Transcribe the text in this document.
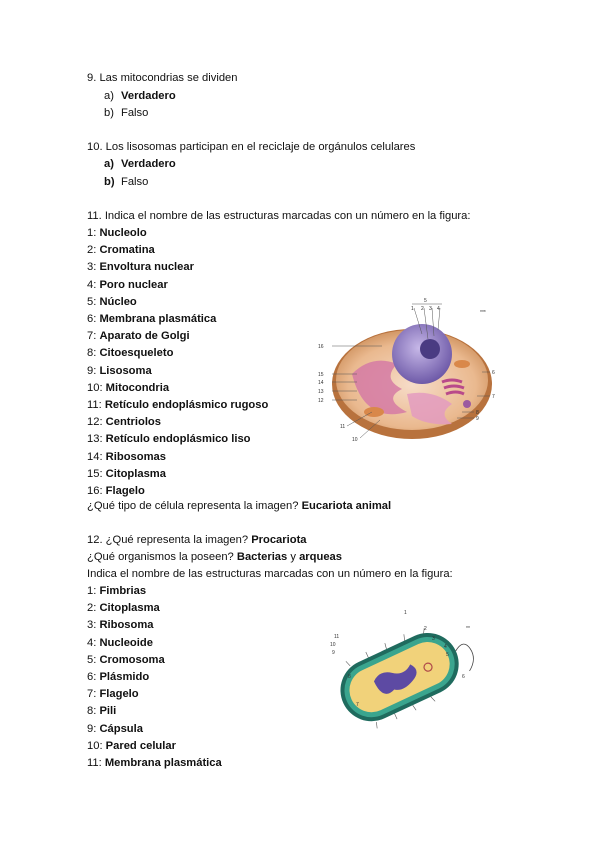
9. Las mitocondrias se dividen
a) Verdadero
b) Falso
10. Los lisosomas participan en el reciclaje de orgánulos celulares
a) Verdadero
b) Falso
11. Indica el nombre de las estructuras marcadas con un número en la figura:
1: Nucleolo
2: Cromatina
3: Envoltura nuclear
4: Poro nuclear
5: Núcleo
6: Membrana plasmática
7: Aparato de Golgi
8: Citoesqueleto
9: Lisosoma
10: Mitocondria
11: Retículo endoplásmico rugoso
12: Centriolos
13: Retículo endoplásmico liso
14: Ribosomas
15: Citoplasma
16: Flagelo
¿Qué tipo de célula representa la imagen? Eucariota animal
16
15
14
13
12
11
10
5
1 2 3 4
6
7
8
9
***
12. ¿Qué representa la imagen? Procariota
¿Qué organismos la poseen? Bacterias y arqueas
Indica el nombre de las estructuras marcadas con un número en la figura:
1: Fimbrias
2: Citoplasma
3: Ribosoma
4: Nucleoide
5: Cromosoma
6: Plásmido
7: Flagelo
8: Pili
9: Cápsula
10: Pared celular
11: Membrana plasmática
11
10
9
8
1
2
3
4
5
6
7
**
